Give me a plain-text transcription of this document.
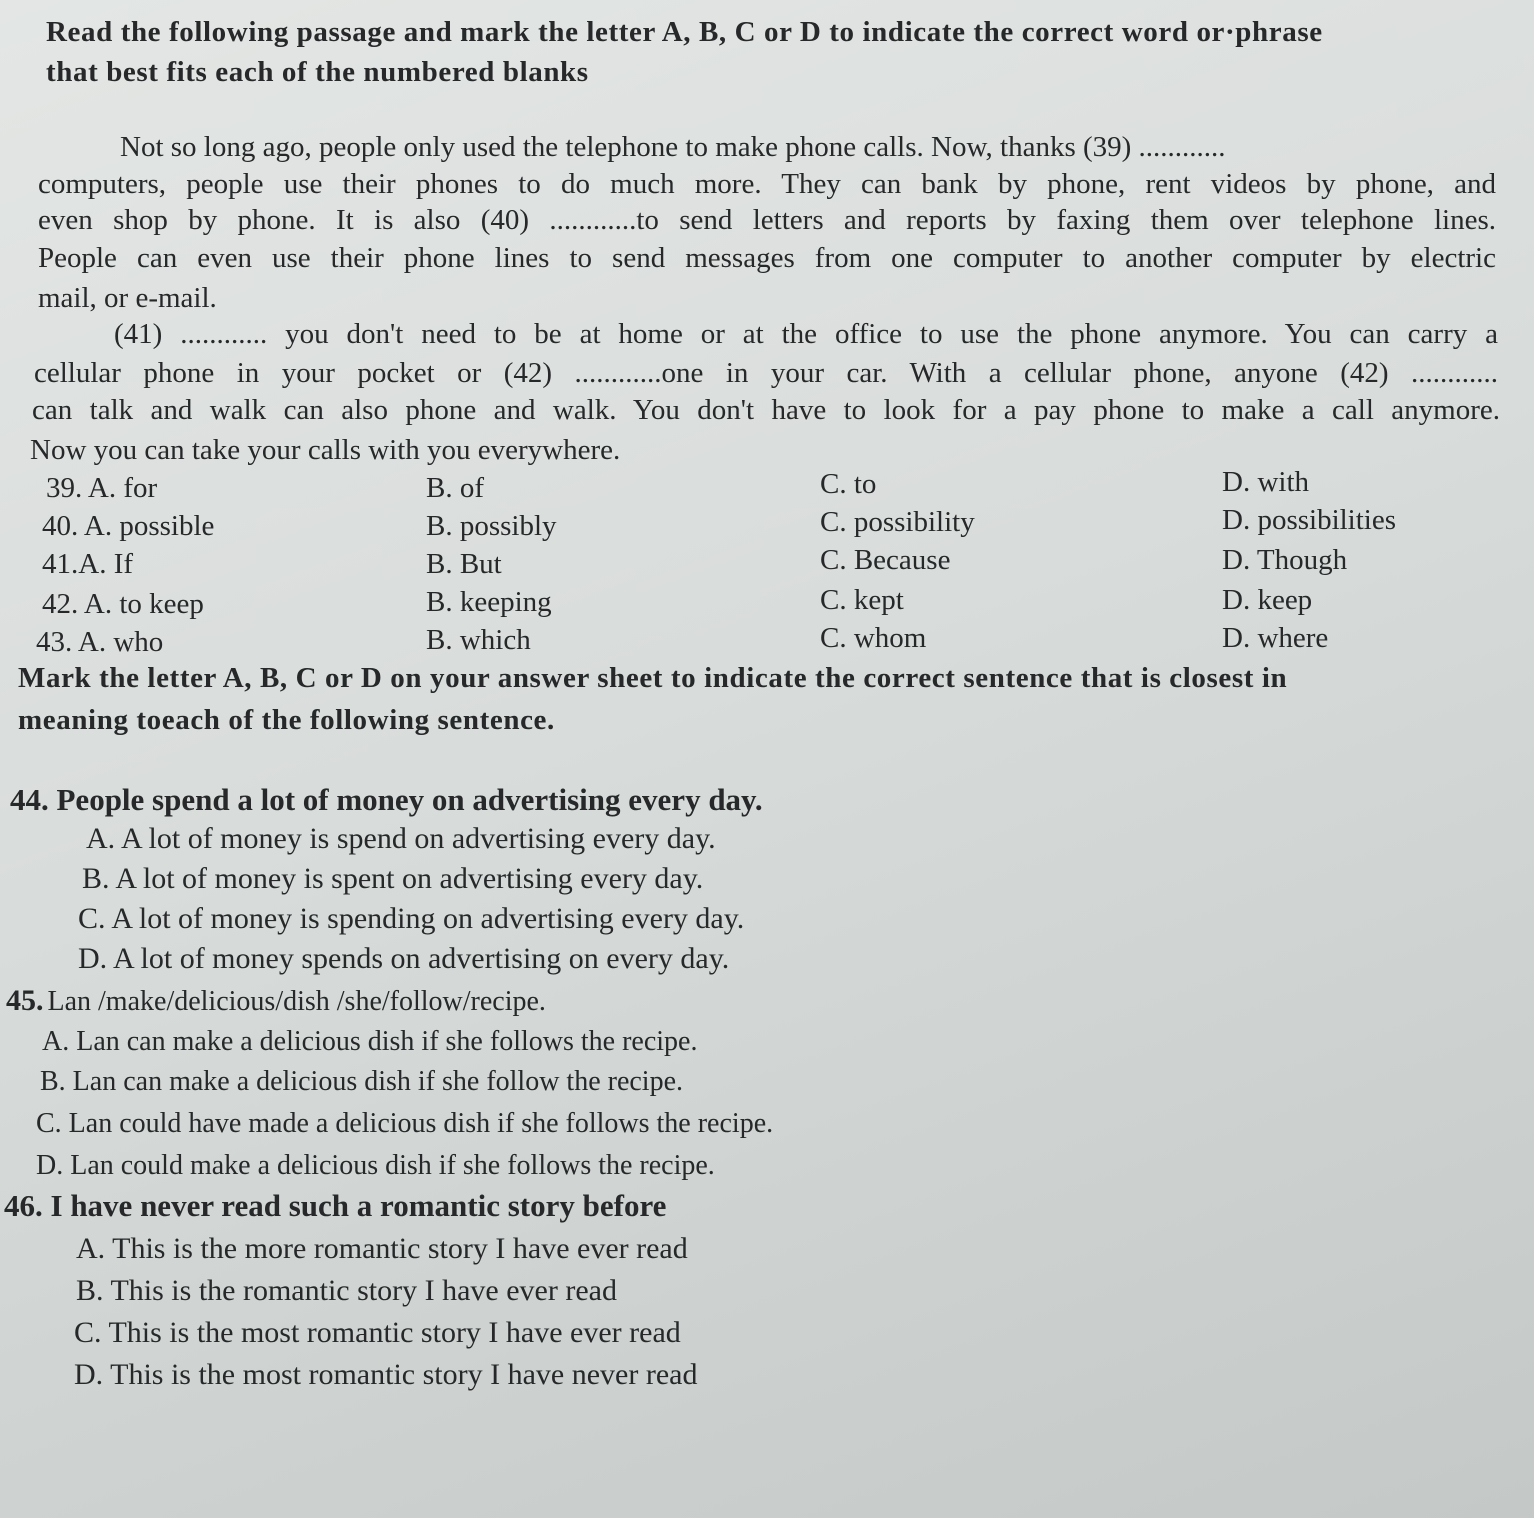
Read the following passage and mark the letter A, B, C or D to indicate the correct word or·phrase
that best fits each of the numbered blanks
Not so long ago, people only used the telephone to make phone calls. Now, thanks (39) ............
computers, people use their phones to do much more. They can bank by phone, rent videos by phone, and
even shop by phone. It is also (40) ............to send letters and reports by faxing them over telephone lines.
People can even use their phone lines to send messages from one computer to another computer by electric
mail, or e-mail.
(41) ............ you don't need to be at home or at the office to use the phone anymore. You can carry a
cellular phone in your pocket or (42) ............one in your car. With a cellular phone, anyone (42) ............
can talk and walk can also phone and walk. You don't have to look for a pay phone to make a call anymore.
Now you can take your calls with you everywhere.
39. A. for	B. of	C. to	D. with
40. A. possible	B. possibly	C. possibility	D. possibilities
41.A. If	B. But	C. Because	D. Though
42. A. to keep	B. keeping	C. kept	D. keep
43. A. who	B. which	C. whom	D. where
Mark the letter A, B, C or D on your answer sheet to indicate the correct sentence that is closest in
meaning toeach of the following sentence.
44. People spend a lot of money on advertising every day.
A. A lot of money is spend on advertising every day.
B. A lot of money is spent on advertising every day.
C. A lot of money is spending on advertising every day.
D. A lot of money spends on advertising on every day.
45. Lan /make/delicious/dish /she/follow/recipe.
A. Lan can make a delicious dish if she follows the recipe.
B. Lan can make a delicious dish if she follow the recipe.
C. Lan could have made a delicious dish if she follows the recipe.
D. Lan could make a delicious dish if she follows the recipe.
46. I have never read such a romantic story before
A. This is the more romantic story I have ever read
B. This is the romantic story I have ever read
C. This is the most romantic story I have ever read
D. This is the most romantic story I have never read
